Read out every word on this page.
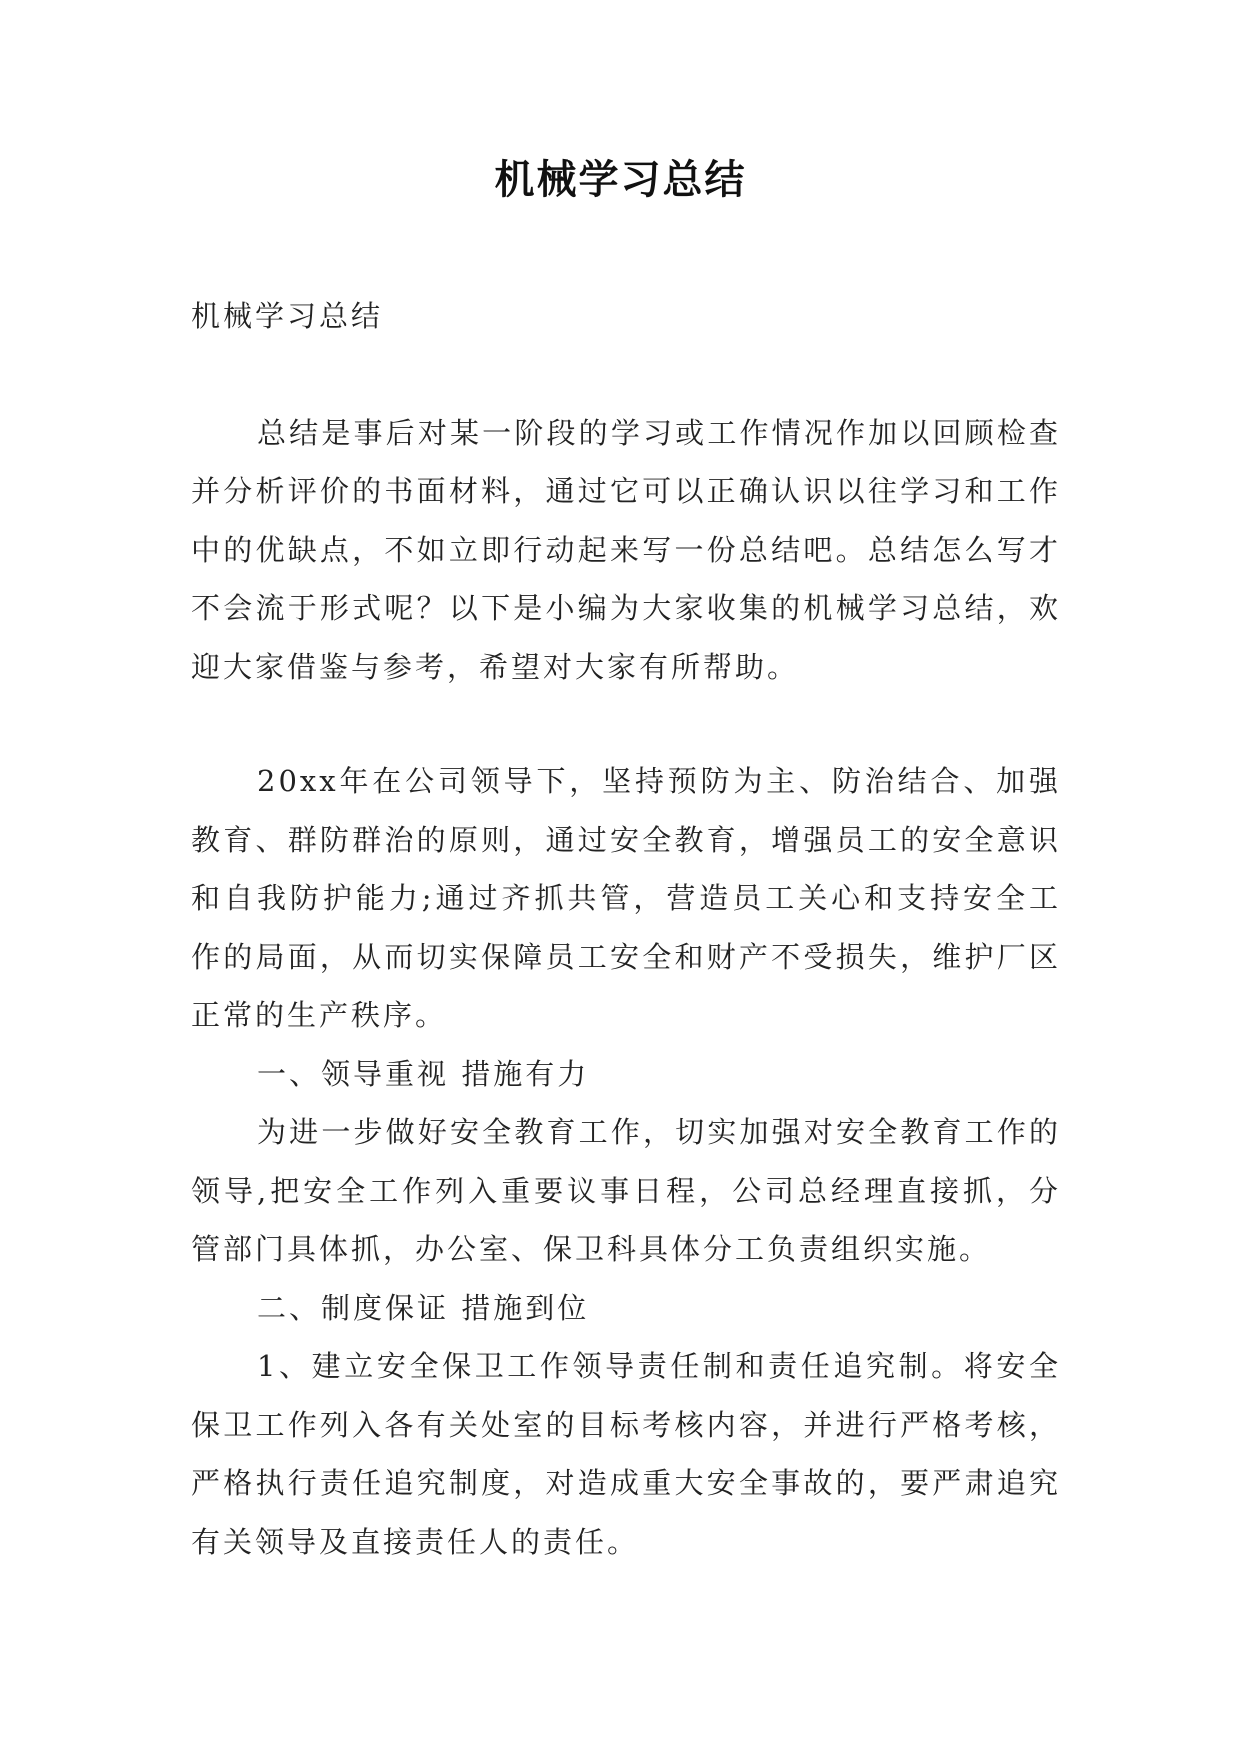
机械学习总结

机械学习总结

总结是事后对某一阶段的学习或工作情况作加以回顾检查并分析评价的书面材料，通过它可以正确认识以往学习和工作中的优缺点，不如立即行动起来写一份总结吧。总结怎么写才不会流于形式呢？以下是小编为大家收集的机械学习总结，欢迎大家借鉴与参考，希望对大家有所帮助。

20xx年在公司领导下，坚持预防为主、防治结合、加强教育、群防群治的原则，通过安全教育，增强员工的安全意识和自我防护能力;通过齐抓共管，营造员工关心和支持安全工作的局面，从而切实保障员工安全和财产不受损失，维护厂区正常的生产秩序。

一、领导重视 措施有力

为进一步做好安全教育工作，切实加强对安全教育工作的领导,把安全工作列入重要议事日程，公司总经理直接抓，分管部门具体抓，办公室、保卫科具体分工负责组织实施。

二、制度保证 措施到位

1、建立安全保卫工作领导责任制和责任追究制。将安全保卫工作列入各有关处室的目标考核内容，并进行严格考核，严格执行责任追究制度，对造成重大安全事故的，要严肃追究有关领导及直接责任人的责任。
